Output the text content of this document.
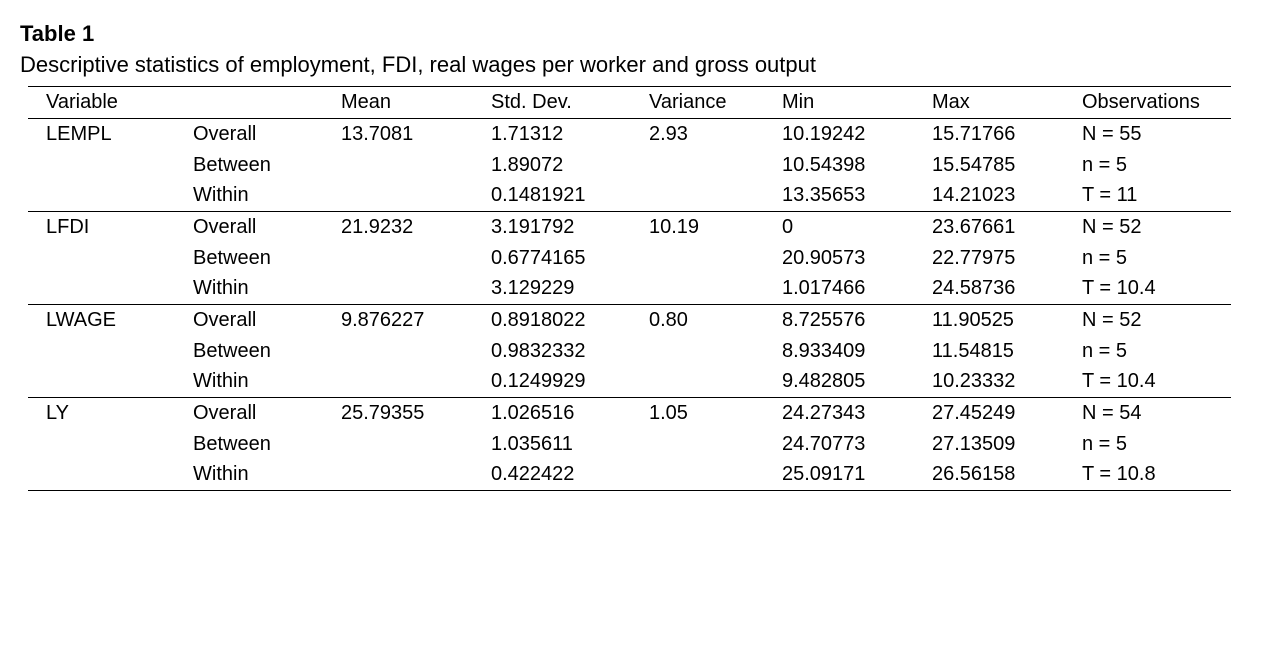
Table 1

Descriptive statistics of employment, FDI, real wages per worker and gross output

Variable		Mean	Std. Dev.	Variance	Min	Max	Observations
LEMPL	Overall	13.7081	1.71312	2.93	10.19242	15.71766	N = 55
	Between		1.89072		10.54398	15.54785	n = 5
	Within		0.1481921		13.35653	14.21023	T = 11
LFDI	Overall	21.9232	3.191792	10.19	0	23.67661	N = 52
	Between		0.6774165		20.90573	22.77975	n = 5
	Within		3.129229		1.017466	24.58736	T = 10.4
LWAGE	Overall	9.876227	0.8918022	0.80	8.725576	11.90525	N = 52
	Between		0.9832332		8.933409	11.54815	n = 5
	Within		0.1249929		9.482805	10.23332	T = 10.4
LY	Overall	25.79355	1.026516	1.05	24.27343	27.45249	N = 54
	Between		1.035611		24.70773	27.13509	n = 5
	Within		0.422422		25.09171	26.56158	T = 10.8
